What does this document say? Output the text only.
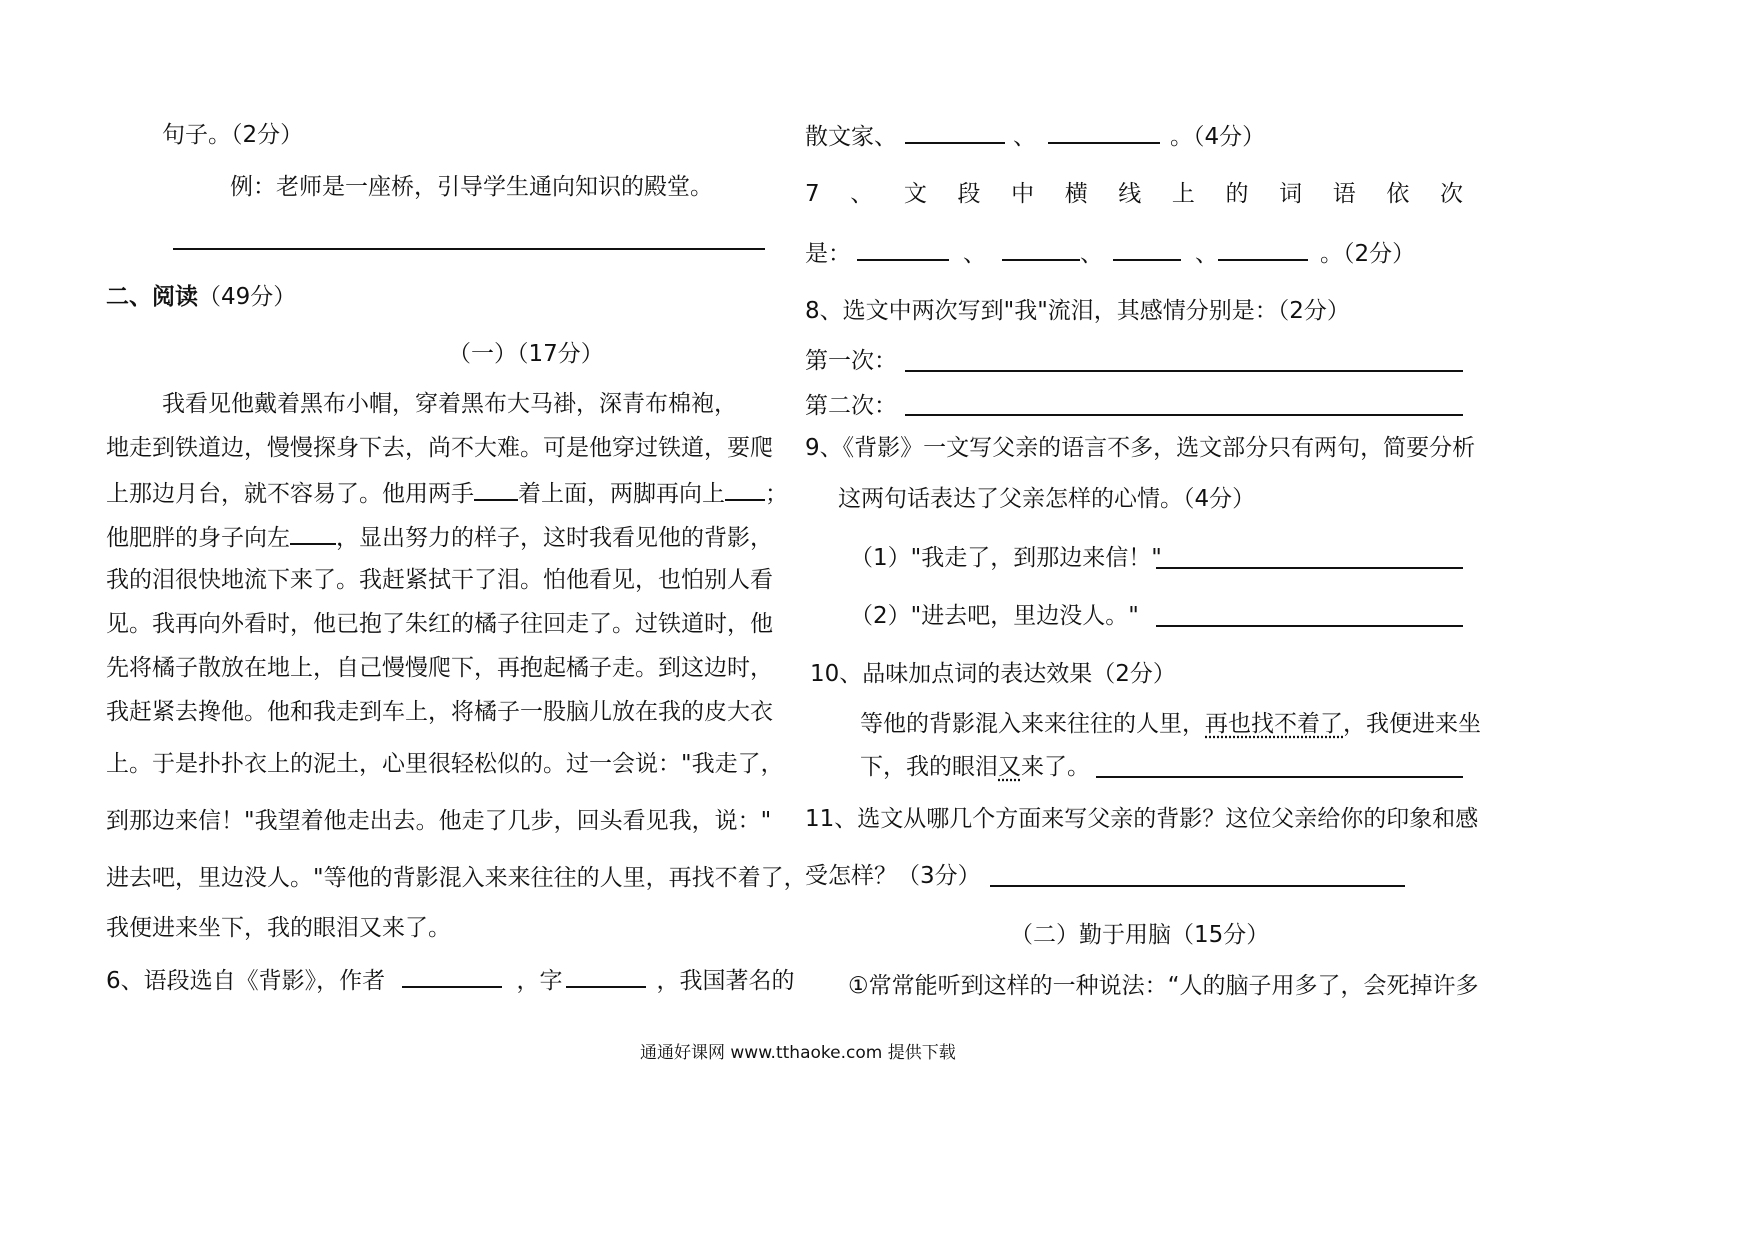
句子。（2分）
例：老师是一座桥，引导学生通向知识的殿堂。
二、阅读（49分）
（一）（17分）
我看见他戴着黑布小帽，穿着黑布大马褂，深青布棉袍，
地走到铁道边，慢慢探身下去，尚不大难。可是他穿过铁道，要爬
上那边月台，就不容易了。他用两手 着上面，两脚再向上 ；
他肥胖的身子向左 ，显出努力的样子，这时我看见他的背影，
我的泪很快地流下来了。我赶紧拭干了泪。怕他看见，也怕别人看
见。我再向外看时，他已抱了朱红的橘子往回走了。过铁道时，他
先将橘子散放在地上，自己慢慢爬下，再抱起橘子走。到这边时，
我赶紧去搀他。他和我走到车上，将橘子一股脑儿放在我的皮大衣
上。于是扑扑衣上的泥土，心里很轻松似的。过一会说："我走了，
到那边来信！"我望着他走出去。他走了几步，回头看见我，说："
进去吧，里边没人。"等他的背影混入来来往往的人里，再找不着了，
我便进来坐下，我的眼泪又来了。
6、语段选自《背影》，作者	，字	，我国著名的
散文家、	、	。（4分）
7 、 文 段 中 横 线 上 的 词 语 依 次
是：	、	、	、	。（2分）
8、选文中两次写到"我"流泪，其感情分别是：（2分）
第一次：
第二次：
9、《背影》一文写父亲的语言不多，选文部分只有两句，简要分析
这两句话表达了父亲怎样的心情。（4分）
（1）"我走了，到那边来信！"
（2）"进去吧，里边没人。"
10、品味加点词的表达效果（2分）
等他的背影混入来来往往的人里，再也找不着了，我便进来坐
下，我的眼泪又来了。
11、选文从哪几个方面来写父亲的背影？这位父亲给你的印象和感
受怎样？（3分）
（二）勤于用脑（15分）
①常常能听到这样的一种说法：“人的脑子用多了，会死掉许多
通通好课网 www.tthaoke.com 提供下载
